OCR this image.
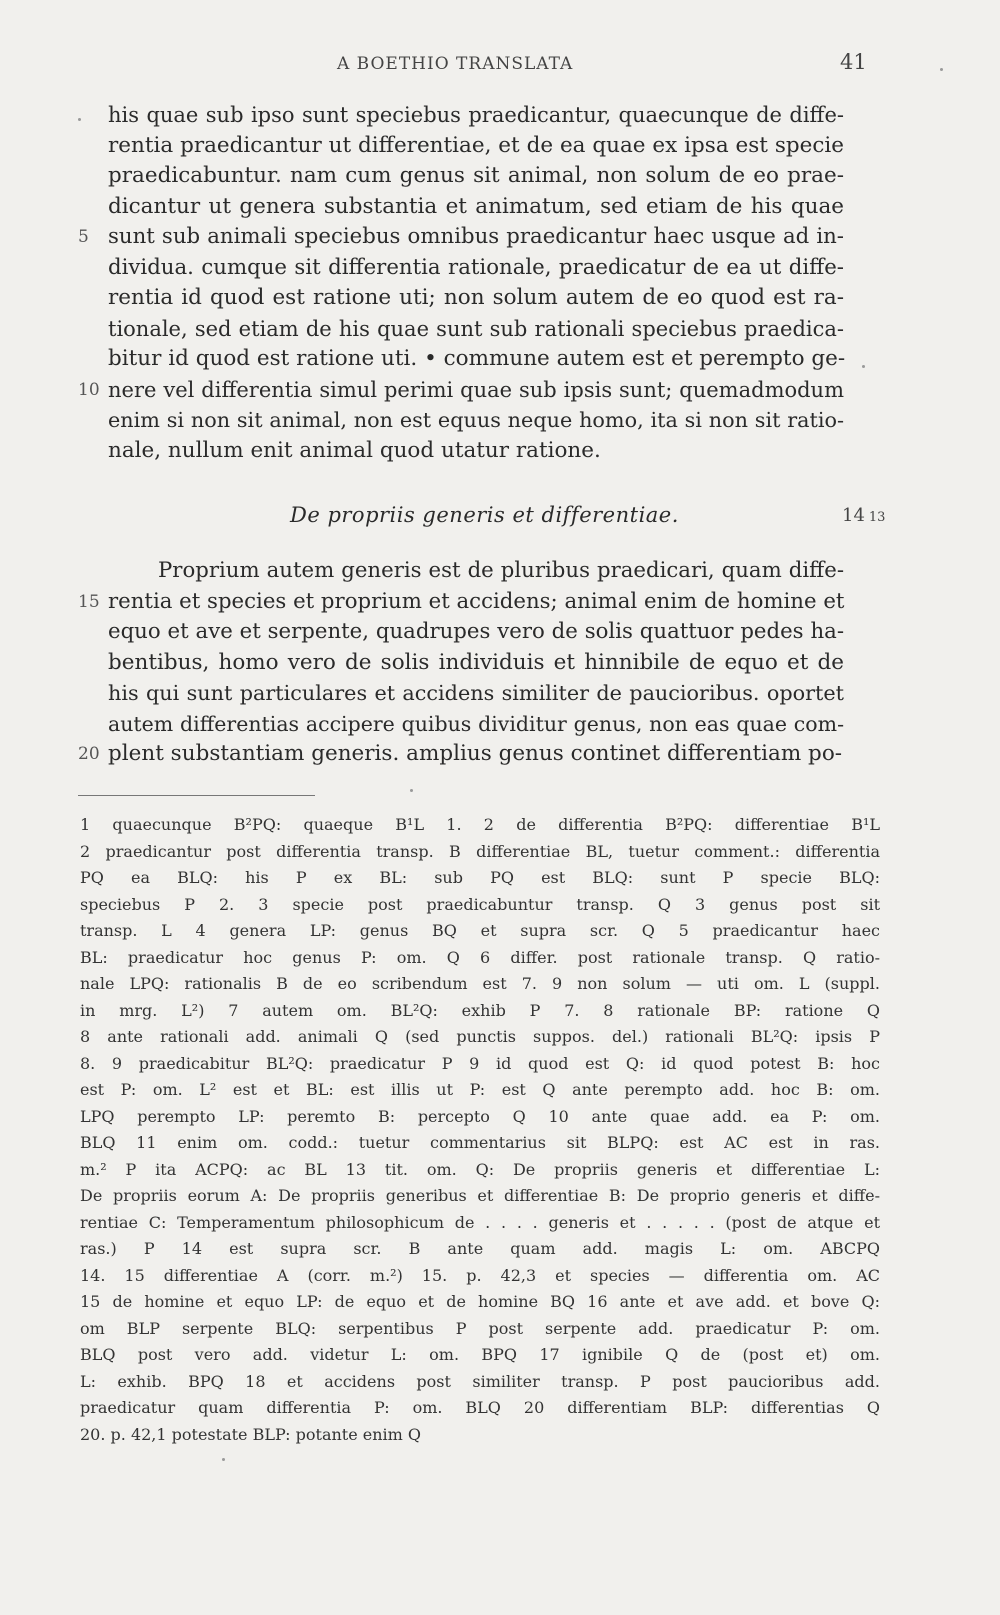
A BOETHIO TRANSLATA	41
his quae sub ipso sunt speciebus praedicantur, quaecunque de diffe-
rentia praedicantur ut differentiae, et de ea quae ex ipsa est specie
praedicabuntur. nam cum genus sit animal, non solum de eo prae-
dicantur ut genera substantia et animatum, sed etiam de his quae
5 sunt sub animali speciebus omnibus praedicantur haec usque ad in-
dividua. cumque sit differentia rationale, praedicatur de ea ut diffe-
rentia id quod est ratione uti; non solum autem de eo quod est ra-
tionale, sed etiam de his quae sunt sub rationali speciebus praedica-
bitur id quod est ratione uti. • commune autem est et perempto ge-
10 nere vel differentia simul perimi quae sub ipsis sunt; quemadmodum
enim si non sit animal, non est equus neque homo, ita si non sit ratio-
nale, nullum enit animal quod utatur ratione.
De propriis generis et differentiae.	14 13
Proprium autem generis est de pluribus praedicari, quam diffe-
15 rentia et species et proprium et accidens; animal enim de homine et
equo et ave et serpente, quadrupes vero de solis quattuor pedes ha-
bentibus, homo vero de solis individuis et hinnibile de equo et de
his qui sunt particulares et accidens similiter de paucioribus. oportet
autem differentias accipere quibus dividitur genus, non eas quae com-
20 plent substantiam generis. amplius genus continet differentiam po-
1 quaecunque B²PQ: quaeque B¹L 1. 2 de differentia B²PQ: differentiae B¹L
2 praedicantur post differentia transp. B differentiae BL, tuetur comment.: differentia
PQ ea BLQ: his P ex BL: sub PQ est BLQ: sunt P specie BLQ:
speciebus P 2. 3 specie post praedicabuntur transp. Q 3 genus post sit
transp. L 4 genera LP: genus BQ et supra scr. Q 5 praedicantur haec
BL: praedicatur hoc genus P: om. Q 6 differ. post rationale transp. Q ratio-
nale LPQ: rationalis B de eo scribendum est 7. 9 non solum — uti om. L (suppl.
in mrg. L²) 7 autem om. BL²Q: exhib P 7. 8 rationale BP: ratione Q
8 ante rationali add. animali Q (sed punctis suppos. del.) rationali BL²Q: ipsis P
8. 9 praedicabitur BL²Q: praedicatur P 9 id quod est Q: id quod potest B: hoc
est P: om. L² est et BL: est illis ut P: est Q ante perempto add. hoc B: om.
LPQ perempto LP: peremto B: percepto Q 10 ante quae add. ea P: om.
BLQ 11 enim om. codd.: tuetur commentarius sit BLPQ: est AC est in ras.
m.² P ita ACPQ: ac BL 13 tit. om. Q: De propriis generis et differentiae L:
De propriis eorum A: De propriis generibus et differentiae B: De proprio generis et diffe-
rentiae C: Temperamentum philosophicum de . . . . generis et . . . . . (post de atque et
ras.) P 14 est supra scr. B ante quam add. magis L: om. ABCPQ
14. 15 differentiae A (corr. m.²) 15. p. 42,3 et species — differentia om. AC
15 de homine et equo LP: de equo et de homine BQ 16 ante et ave add. et bove Q:
om BLP serpente BLQ: serpentibus P post serpente add. praedicatur P: om.
BLQ post vero add. videtur L: om. BPQ 17 ignibile Q de (post et) om.
L: exhib. BPQ 18 et accidens post similiter transp. P post paucioribus add.
praedicatur quam differentia P: om. BLQ 20 differentiam BLP: differentias Q
20. p. 42,1 potestate BLP: potante enim Q
